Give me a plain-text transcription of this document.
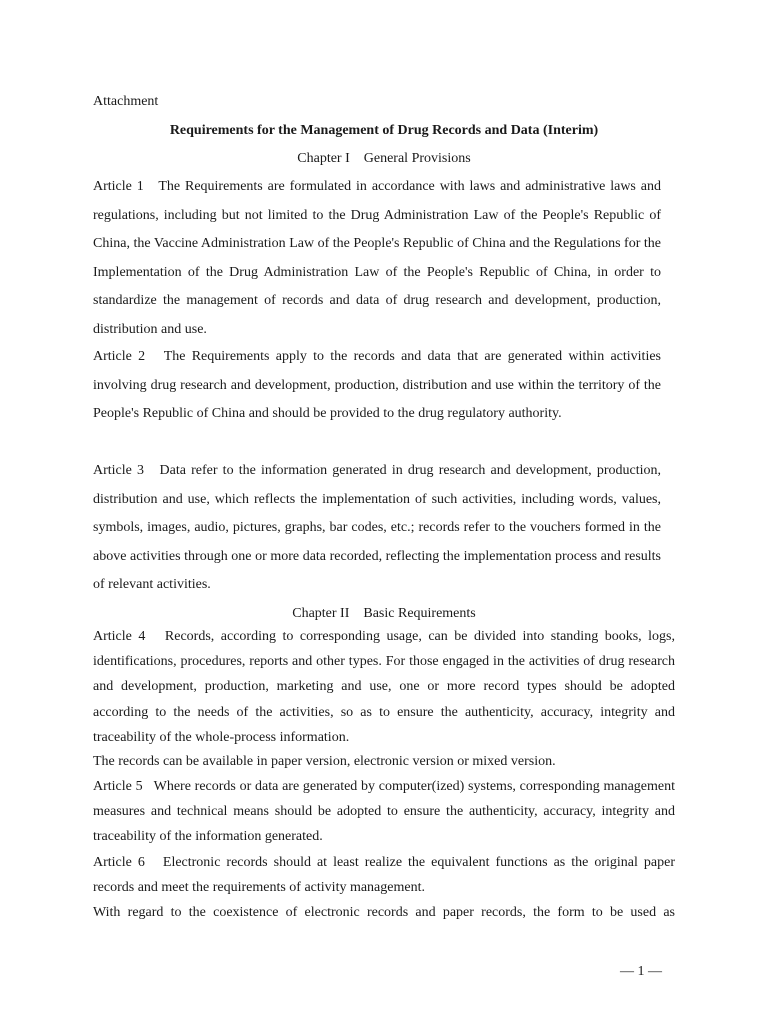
Attachment

Requirements for the Management of Drug Records and Data (Interim)

Chapter I    General Provisions

Article 1 The Requirements are formulated in accordance with laws and administrative laws and regulations, including but not limited to the Drug Administration Law of the People's Republic of China, the Vaccine Administration Law of the People's Republic of China and the Regulations for the Implementation of the Drug Administration Law of the People's Republic of China, in order to standardize the management of records and data of drug research and development, production, distribution and use.

Article 2 The Requirements apply to the records and data that are generated within activities involving drug research and development, production, distribution and use within the territory of the People's Republic of China and should be provided to the drug regulatory authority.

Article 3 Data refer to the information generated in drug research and development, production, distribution and use, which reflects the implementation of such activities, including words, values, symbols, images, audio, pictures, graphs, bar codes, etc.; records refer to the vouchers formed in the above activities through one or more data recorded, reflecting the implementation process and results of relevant activities.

Chapter II    Basic Requirements

Article 4 Records, according to corresponding usage, can be divided into standing books, logs, identifications, procedures, reports and other types. For those engaged in the activities of drug research and development, production, marketing and use, one or more record types should be adopted according to the needs of the activities, so as to ensure the authenticity, accuracy, integrity and traceability of the whole-process information.

The records can be available in paper version, electronic version or mixed version.

Article 5 Where records or data are generated by computer(ized) systems, corresponding management measures and technical means should be adopted to ensure the authenticity, accuracy, integrity and traceability of the information generated.

Article 6 Electronic records should at least realize the equivalent functions as the original paper records and meet the requirements of activity management.

With regard to the coexistence of electronic records and paper records, the form to be used as

— 1 —
